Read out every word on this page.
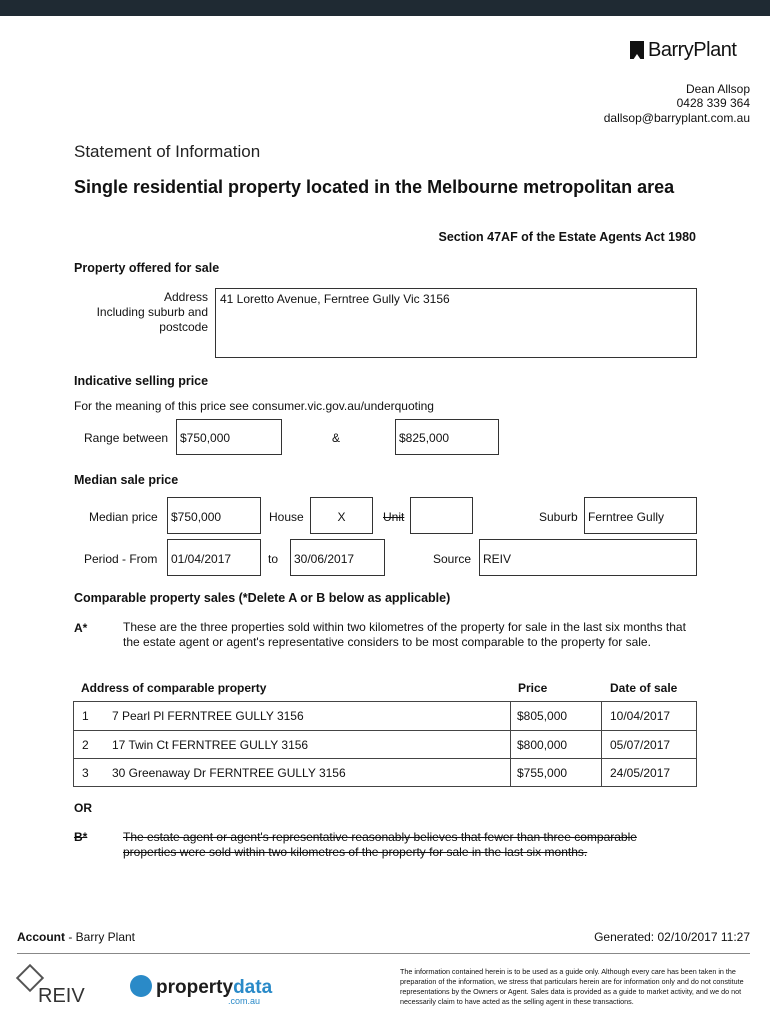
BarryPlant
Dean Allsop
0428 339 364
dallsop@barryplant.com.au
Statement of Information
Single residential property located in the Melbourne metropolitan area
Section 47AF of the Estate Agents Act 1980
Property offered for sale
Address
Including suburb and
postcode
41 Loretto Avenue, Ferntree Gully Vic 3156
Indicative selling price
For the meaning of this price see consumer.vic.gov.au/underquoting
Range between $750,000	&	$825,000
Median sale price
Median price	$750,000	House	X	Unit	Suburb Ferntree Gully
Period - From	01/04/2017	to	30/06/2017	Source REIV
Comparable property sales (*Delete A or B below as applicable)
A*	These are the three properties sold within two kilometres of the property for sale in the last six months that the estate agent or agent's representative considers to be most comparable to the property for sale.
Address of comparable property	Price	Date of sale
1 7 Pearl Pl FERNTREE GULLY 3156	$805,000	10/04/2017
2 17 Twin Ct FERNTREE GULLY 3156	$800,000	05/07/2017
3 30 Greenaway Dr FERNTREE GULLY 3156	$755,000	24/05/2017
OR
B*	The estate agent or agent's representative reasonably believes that fewer than three comparable
properties were sold within two kilometres of the property for sale in the last six months.
Account - Barry Plant	Generated: 02/10/2017 11:27
REIV	propertydata
.com.au
The information contained herein is to be used as a guide only. Although every care has been taken in the preparation of the information, we stress that particulars herein are for information only and do not constitute representations by the Owners or Agent. Sales data is provided as a guide to market activity, and we do not necessarily claim to have acted as the selling agent in these transactions.
